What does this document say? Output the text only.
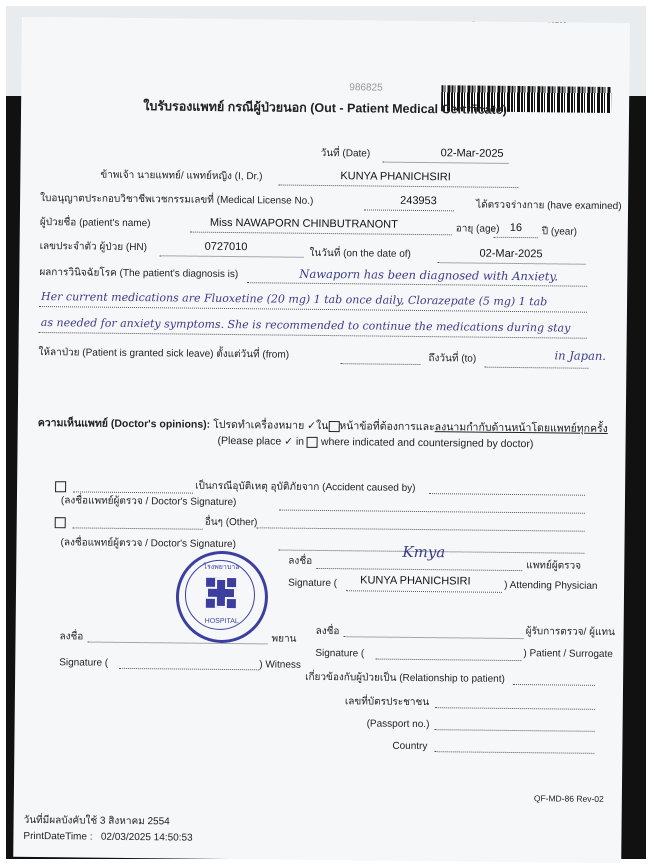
986825
ใบรับรองแพทย์ กรณีผู้ป่วยนอก (Out - Patient Medical Certificate)
วันที่ (Date)	02-Mar-2025
ข้าพเจ้า นายแพทย์/ แพทย์หญิง (I, Dr.)	KUNYA PHANICHSIRI
ใบอนุญาตประกอบวิชาชีพเวชกรรมเลขที่ (Medical License No.)	243953	ได้ตรวจร่างกาย (have examined)
ผู้ป่วยชื่อ (patient's name)	Miss NAWAPORN CHINBUTRANONT	อายุ (age) 16 ปี (year)
เลขประจำตัว ผู้ป่วย (HN)	0727010
ในวันที่ (on the date of)	02-Mar-2025
ผลการวินิจฉัยโรค (The patient's diagnosis is)	Nawaporn has been diagnosed with Anxiety.
Her current medications are Fluoxetine (20 mg) 1 tab once daily, Clorazepate (5 mg) 1 tab
as needed for anxiety symptoms. She is recommended to continue the medications during stay
ให้ลาป่วย (Patient is granted sick leave) ตั้งแต่วันที่ (from)	ถึงวันที่ (to)	in Japan.
ความเห็นแพทย์ (Doctor's opinions): โปรดทำเครื่องหมาย ✓ใน หน้าข้อที่ต้องการและลงนามกำกับด้านหน้าโดยแพทย์ทุกครั้ง
(Please place ✓ in where indicated and countersigned by doctor)
เป็นกรณีอุบัติเหตุ อุบัติภัยจาก (Accident caused by)
(ลงชื่อแพทย์ผู้ตรวจ / Doctor's Signature)
อื่นๆ (Other)
(ลงชื่อแพทย์ผู้ตรวจ / Doctor's Signature)
โรงพยาบาล
HOSPITAL
ลงชื่อ	Kmya
แพทย์ผู้ตรวจ
Signature ( KUNYA PHANICHSIRI	) Attending Physician
ลงชื่อ	พยาน
Signature (	) Witness
ลงชื่อ	ผู้รับการตรวจ/ ผู้แทน
Signature (	) Patient / Surrogate
เกี่ยวข้องกับผู้ป่วยเป็น (Relationship to patient)
เลขที่บัตรประชาชน
(Passport no.)
Country
QF-MD-86 Rev-02
วันที่มีผลบังคับใช้ 3 สิงหาคม 2554
PrintDateTime : 02/03/2025 14:50:53
